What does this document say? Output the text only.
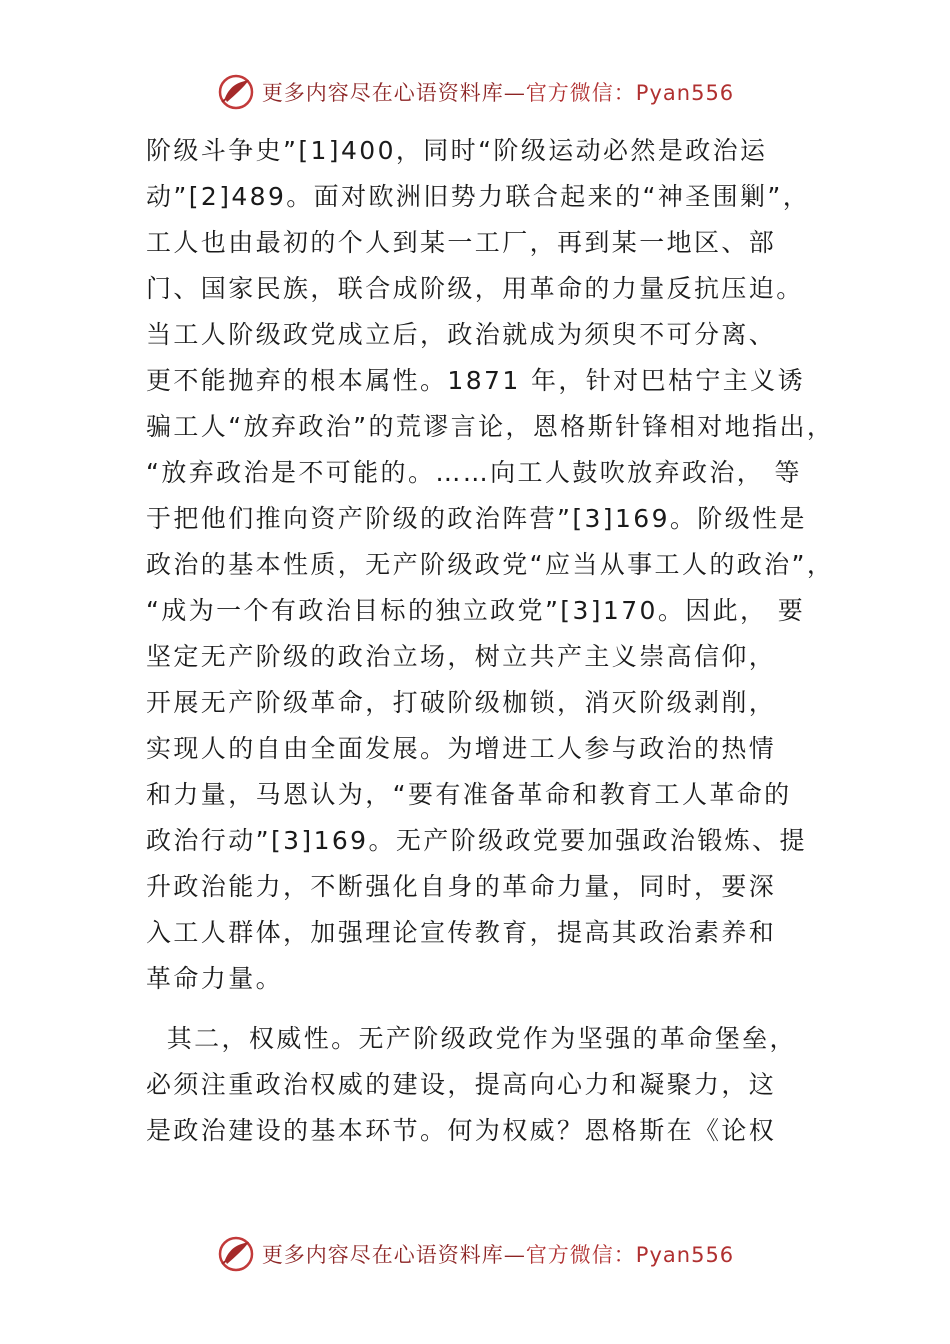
更多内容尽在心语资料库—官方微信：Pyan556
阶级斗争史”[1]400，同时“阶级运动必然是政治运
动”[2]489。面对欧洲旧势力联合起来的“神圣围剿”，
工人也由最初的个人到某一工厂，再到某一地区、部
门、国家民族，联合成阶级，用革命的力量反抗压迫。
当工人阶级政党成立后，政治就成为须臾不可分离、
更不能抛弃的根本属性。1871 年，针对巴枯宁主义诱
骗工人“放弃政治”的荒谬言论，恩格斯针锋相对地指出，
“放弃政治是不可能的。……向工人鼓吹放弃政治， 等
于把他们推向资产阶级的政治阵营”[3]169。阶级性是
政治的基本性质，无产阶级政党“应当从事工人的政治”，
“成为一个有政治目标的独立政党”[3]170。因此， 要
坚定无产阶级的政治立场，树立共产主义崇高信仰，
开展无产阶级革命，打破阶级枷锁，消灭阶级剥削，
实现人的自由全面发展。为增进工人参与政治的热情
和力量，马恩认为，“要有准备革命和教育工人革命的
政治行动”[3]169。无产阶级政党要加强政治锻炼、提
升政治能力，不断强化自身的革命力量，同时，要深
入工人群体，加强理论宣传教育，提高其政治素养和
革命力量。
其二，权威性。无产阶级政党作为坚强的革命堡垒，
必须注重政治权威的建设，提高向心力和凝聚力，这
是政治建设的基本环节。何为权威？恩格斯在《论权
更多内容尽在心语资料库—官方微信：Pyan556
